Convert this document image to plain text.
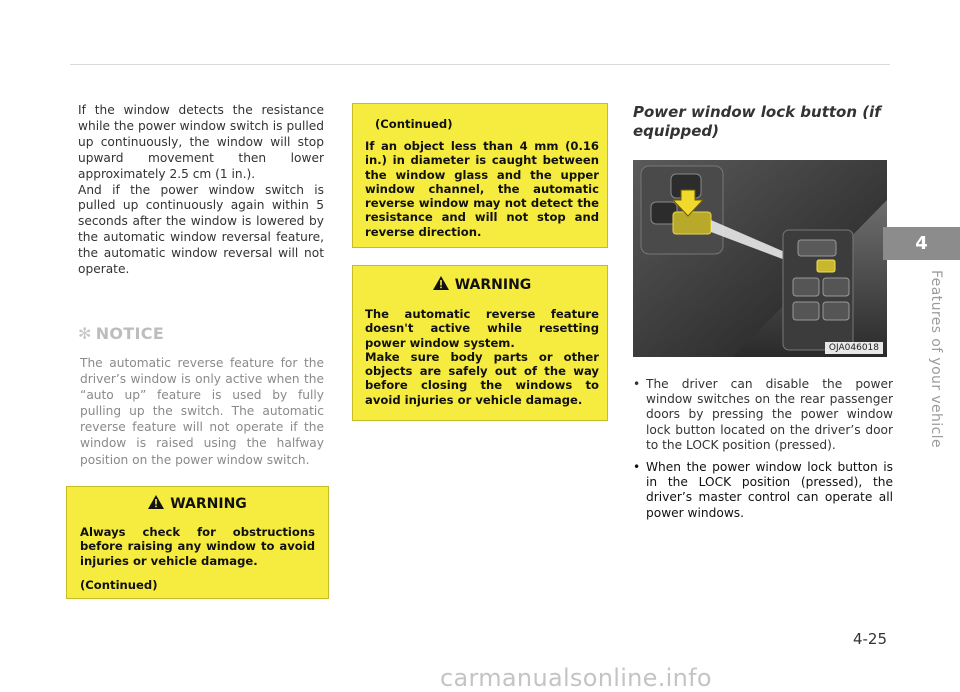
If the window detects the resistance while the power window switch is pulled up continuously, the window will stop upward movement then lower approximately 2.5 cm (1 in.).

And if the power window switch is pulled up continuously again within 5 seconds after the window is lowered by the automatic window reversal feature, the automatic window reversal will not operate.

✻ NOTICE

The automatic reverse feature for the driver’s window is only active when the “auto up” feature is used by fully pulling up the switch. The automatic reverse feature will not operate if the window is raised using the halfway position on the power window switch.

WARNING

Always check for obstructions before raising any window to avoid injuries or vehicle damage.

(Continued)

(Continued)

If an object less than 4 mm (0.16 in.) in diameter is caught between the window glass and the upper window channel, the automatic reverse window may not detect the resistance and will not stop and reverse direction.

WARNING

The automatic reverse feature doesn't active while resetting power window system.

Make sure body parts or other objects are safely out of the way before closing the windows to avoid injuries or vehicle damage.

Power window lock button (if equipped)
OJA046018
• The driver can disable the power window switches on the rear passenger doors by pressing the power window lock button located on the driver’s door to the LOCK position (pressed).
• When the power window lock button is in the LOCK position (pressed), the driver’s master control can operate all power windows.
4
Features of your vehicle
4-25
carmanualsonline.info
